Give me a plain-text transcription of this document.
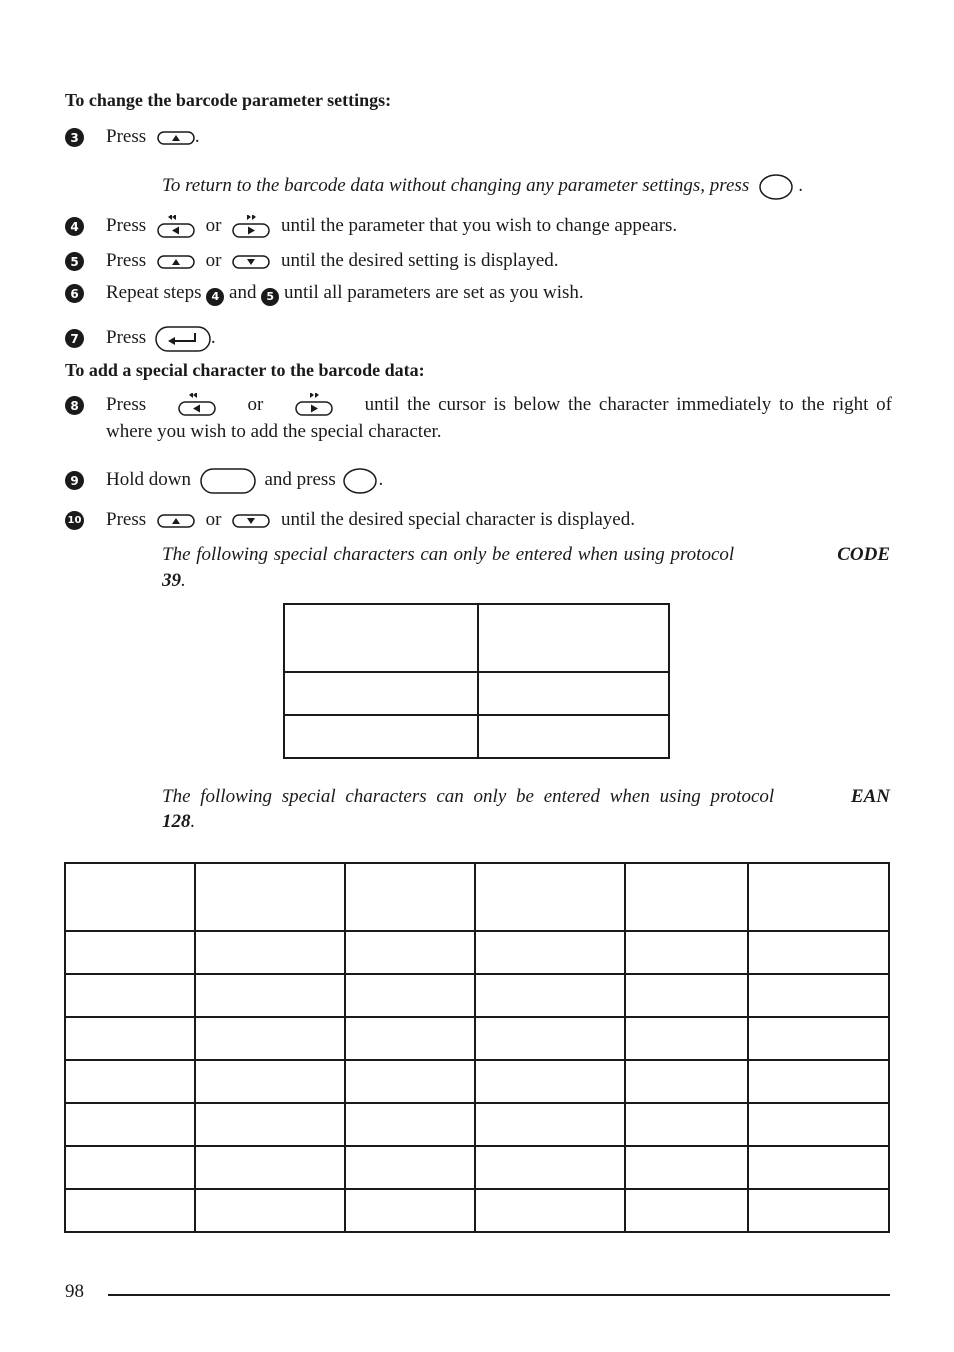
To change the barcode parameter settings:
3 Press	.
To return to the barcode data without changing any parameter settings, press	.
4 Press	or	until the parameter that you wish to change appears.
5 Press	or	until the desired setting is displayed.
6 Repeat steps 4 and 5 until all parameters are set as you wish.
7 Press	.
To add a special character to the barcode data:
8 Press	or	until the cursor is below the character immediately to the right of
where you wish to add the special character.
9 Hold down	and press .
10 Press	or	until the desired special character is displayed.
The following special characters can only be entered when using protocol	CODE
39.

The following special characters can only be entered when using protocol	EAN
128.

98
